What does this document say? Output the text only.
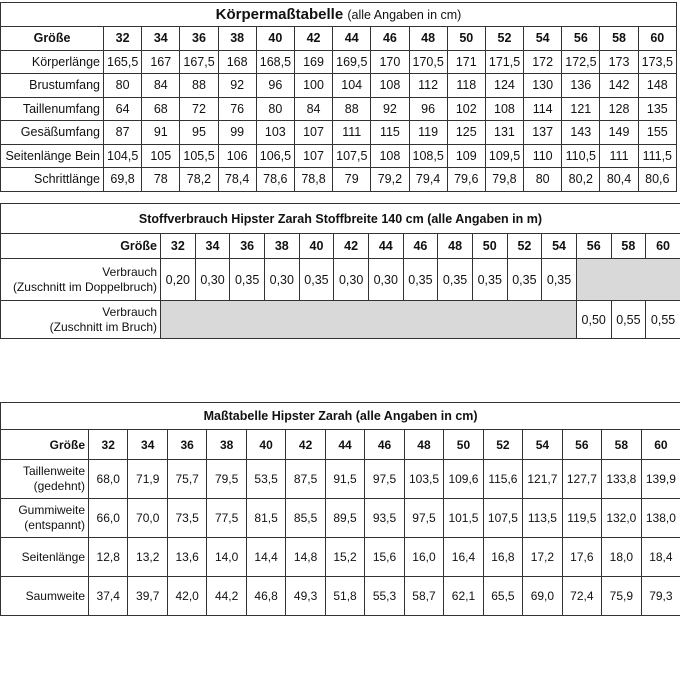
Körpermaßtabelle (alle Angaben in cm)															
Größe	32	34	36	38	40	42	44	46	48	50	52	54	56	58	60
Körperlänge	165,5	167	167,5	168	168,5	169	169,5	170	170,5	171	171,5	172	172,5	173	173,5
Brustumfang	80	84	88	92	96	100	104	108	112	118	124	130	136	142	148
Taillenumfang	64	68	72	76	80	84	88	92	96	102	108	114	121	128	135
Gesäßumfang	87	91	95	99	103	107	111	115	119	125	131	137	143	149	155
Seitenlänge Bein	104,5	105	105,5	106	106,5	107	107,5	108	108,5	109	109,5	110	110,5	111	111,5
Schrittlänge	69,8	78	78,2	78,4	78,6	78,8	79	79,2	79,4	79,6	79,8	80	80,2	80,4	80,6
Stoffverbrauch Hipster Zarah Stoffbreite 140 cm (alle Angaben in m)															
Größe	32	34	36	38	40	42	44	46	48	50	52	54	56	58	60
Verbrauch
(Zuschnitt im Doppelbruch)	0,20	0,30	0,35	0,30	0,35	0,30	0,30	0,35	0,35	0,35	0,35	0,35			
Verbrauch
(Zuschnitt im Bruch)													0,50	0,55	0,55
Maßtabelle Hipster Zarah (alle Angaben in cm)															
Größe	32	34	36	38	40	42	44	46	48	50	52	54	56	58	60
Taillenweite
(gedehnt)	68,0	71,9	75,7	79,5	53,5	87,5	91,5	97,5	103,5	109,6	115,6	121,7	127,7	133,8	139,9
Gummiweite
(entspannt)	66,0	70,0	73,5	77,5	81,5	85,5	89,5	93,5	97,5	101,5	107,5	113,5	119,5	132,0	138,0
Seitenlänge	12,8	13,2	13,6	14,0	14,4	14,8	15,2	15,6	16,0	16,4	16,8	17,2	17,6	18,0	18,4
Saumweite	37,4	39,7	42,0	44,2	46,8	49,3	51,8	55,3	58,7	62,1	65,5	69,0	72,4	75,9	79,3
